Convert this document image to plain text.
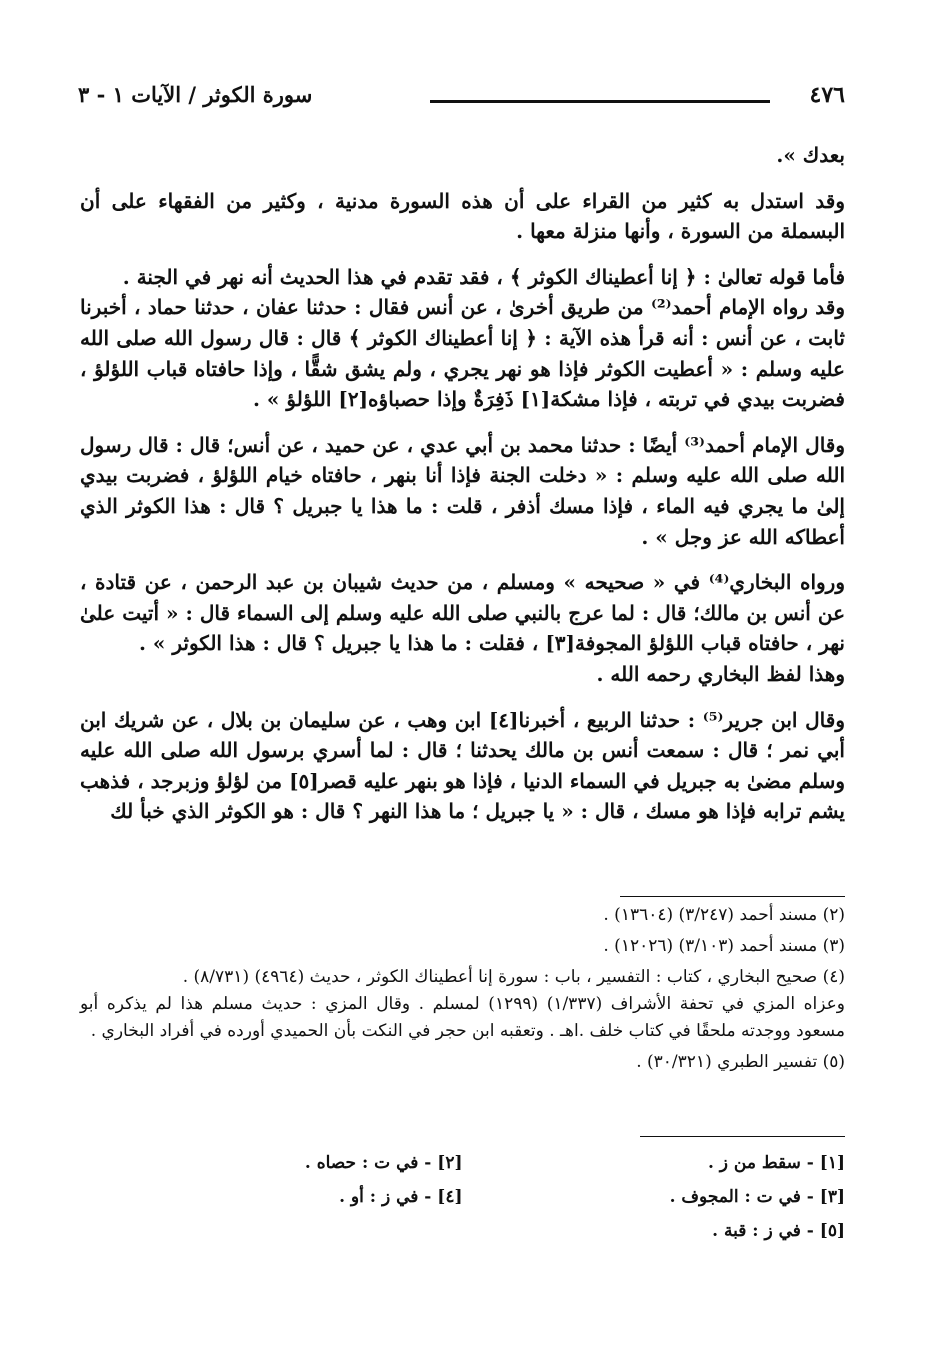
٤٧٦
سورة الكوثر / الآيات ١ - ٣

بعدك ».

وقد استدل به كثير من القراء على أن هذه السورة مدنية ، وكثير من الفقهاء على أن البسملة من السورة ، وأنها منزلة معها .

فأما قوله تعالىٰ : ﴿ إنا أعطيناك الكوثر ﴾ ، فقد تقدم في هذا الحديث أنه نهر في الجنة .
وقد رواه الإمام أحمد⁽²⁾ من طريق أخرىٰ ، عن أنس فقال : حدثنا عفان ، حدثنا حماد ، أخبرنا ثابت ، عن أنس : أنه قرأ هذه الآية : ﴿ إنا أعطيناك الكوثر ﴾ قال : قال رسول الله صلى الله عليه وسلم : « أعطيت الكوثر فإذا هو نهر يجري ، ولم يشق شقًّا ، وإذا حافتاه قباب اللؤلؤ ، فضربت بيدي في تربته ، فإذا مشكة[١] ذَفِرَةٌ وإذا حصباؤه[٢] اللؤلؤ » .

وقال الإمام أحمد⁽³⁾ أيضًا : حدثنا محمد بن أبي عدي ، عن حميد ، عن أنس؛ قال : قال رسول الله صلى الله عليه وسلم : « دخلت الجنة فإذا أنا بنهر ، حافتاه خيام اللؤلؤ ، فضربت بيدي إلىٰ ما يجري فيه الماء ، فإذا مسك أذفر ، قلت : ما هذا يا جبريل ؟ قال : هذا الكوثر الذي أعطاكه الله عز وجل » .

ورواه البخاري⁽⁴⁾ في « صحيحه » ومسلم ، من حديث شيبان بن عبد الرحمن ، عن قتادة ، عن أنس بن مالك؛ قال : لما عرج بالنبي صلى الله عليه وسلم إلى السماء قال : « أتيت علىٰ نهر ، حافتاه قباب اللؤلؤ المجوفة[٣] ، فقلت : ما هذا يا جبريل ؟ قال : هذا الكوثر » .
وهذا لفظ البخاري رحمه الله .

وقال ابن جرير⁽⁵⁾ : حدثنا الربيع ، أخبرنا[٤] ابن وهب ، عن سليمان بن بلال ، عن شريك ابن أبي نمر ؛ قال : سمعت أنس بن مالك يحدثنا ؛ قال : لما أسري برسول الله صلى الله عليه وسلم مضىٰ به جبريل في السماء الدنيا ، فإذا هو بنهر عليه قصر[٥] من لؤلؤ وزبرجد ، فذهب يشم ترابه فإذا هو مسك ، قال : « يا جبريل ؛ ما هذا النهر ؟ قال : هو الكوثر الذي خبأ لك

(٢) مسند أحمد (٣/٢٤٧) (١٣٦٠٤) .

(٣) مسند أحمد (٣/١٠٣) (١٢٠٢٦) .

(٤) صحيح البخاري ، كتاب : التفسير ، باب : سورة إنا أعطيناك الكوثر ، حديث (٤٩٦٤) (٨/٧٣١) .
وعزاه المزي في تحفة الأشراف (١/٣٣٧) (١٢٩٩) لمسلم . وقال المزي : حديث مسلم هذا لم يذكره أبو مسعود ووجدته ملحقًا في كتاب خلف .اهـ . وتعقبه ابن حجر في النكت بأن الحميدي أورده في أفراد البخاري .

(٥) تفسير الطبري (٣٠/٣٢١) .

[١] - سقط من ز .
[٢] - في ت : حصاه .
[٣] - في ت : المجوف .
[٤] - في ز : أو .
[٥] - في ز : قبة .
